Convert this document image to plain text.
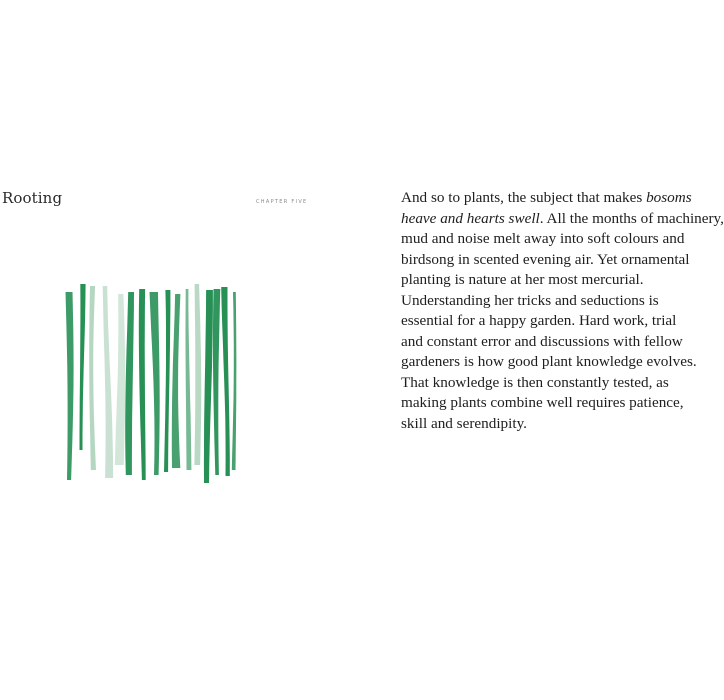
Rooting	CHAPTER FIVE	And so to plants, the subject that makes bosoms
heave and hearts swell. All the months of machinery,
mud and noise melt away into soft colours and
birdsong in scented evening air. Yet ornamental
planting is nature at her most mercurial.
Understanding her tricks and seductions is
essential for a happy garden. Hard work, trial
and constant error and discussions with fellow
gardeners is how good plant knowledge evolves.
That knowledge is then constantly tested, as
making plants combine well requires patience,
skill and serendipity.
